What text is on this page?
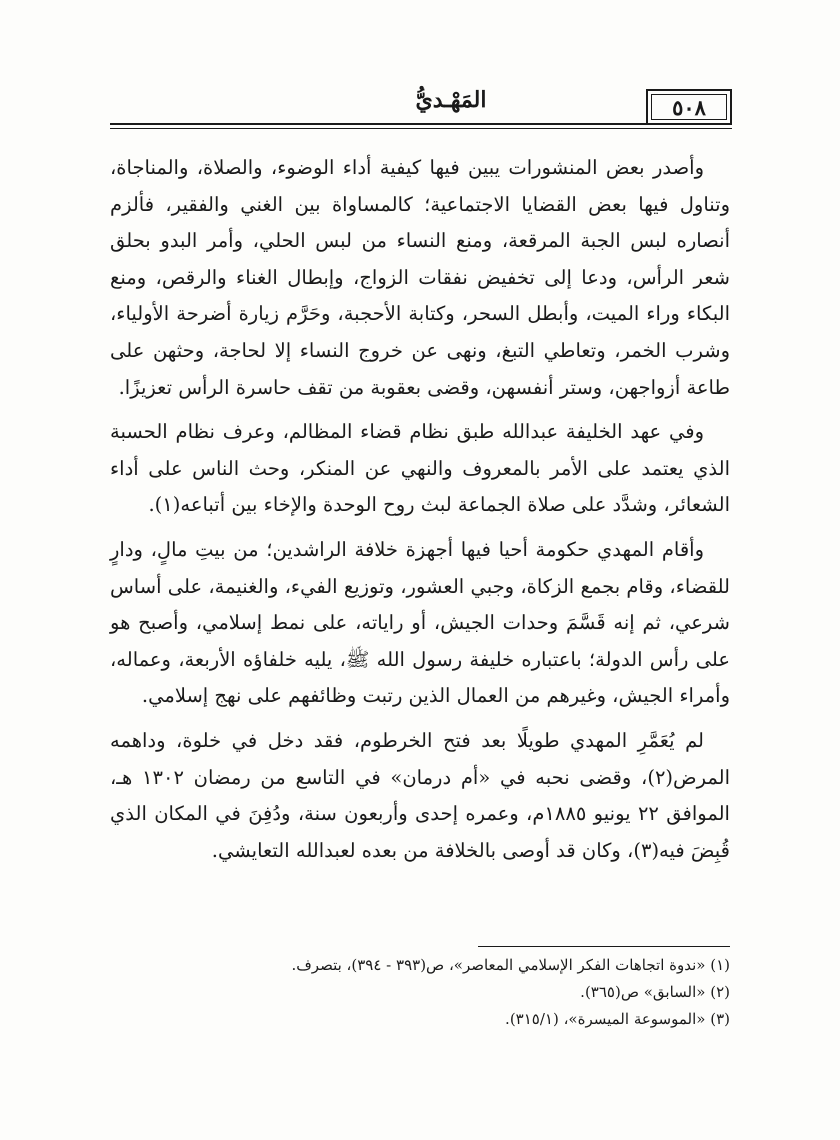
٥٠٨
المَهْـديُّ

وأصدر بعض المنشورات يبين فيها كيفية أداء الوضوء، والصلاة، والمناجاة، وتناول فيها بعض القضايا الاجتماعية؛ كالمساواة بين الغني والفقير، فألزم أنصاره لبس الجبة المرقعة، ومنع النساء من لبس الحلي، وأمر البدو بحلق شعر الرأس، ودعا إلى تخفيض نفقات الزواج، وإبطال الغناء والرقص، ومنع البكاء وراء الميت، وأبطل السحر، وكتابة الأحجبة، وحَرَّم زيارة أضرحة الأولياء، وشرب الخمر، وتعاطي التبغ، ونهى عن خروج النساء إلا لحاجة، وحثهن على طاعة أزواجهن، وستر أنفسهن، وقضى بعقوبة من تقف حاسرة الرأس تعزيزًا.

وفي عهد الخليفة عبدالله طبق نظام قضاء المظالم، وعرف نظام الحسبة الذي يعتمد على الأمر بالمعروف والنهي عن المنكر، وحث الناس على أداء الشعائر، وشدَّد على صلاة الجماعة لبث روح الوحدة والإخاء بين أتباعه(١).

وأقام المهدي حكومة أحيا فيها أجهزة خلافة الراشدين؛ من بيتِ مالٍ، ودارٍ للقضاء، وقام بجمع الزكاة، وجبي العشور، وتوزيع الفيء، والغنيمة، على أساس شرعي، ثم إنه قَسَّمَ وحدات الجيش، أو راياته، على نمط إسلامي، وأصبح هو على رأس الدولة؛ باعتباره خليفة رسول الله ﷺ، يليه خلفاؤه الأربعة، وعماله، وأمراء الجيش، وغيرهم من العمال الذين رتبت وظائفهم على نهج إسلامي.

لم يُعَمَّرِ المهدي طويلًا بعد فتح الخرطوم، فقد دخل في خلوة، وداهمه المرض(٢)، وقضى نحبه في «أم درمان» في التاسع من رمضان ١٣٠٢ هـ، الموافق ٢٢ يونيو ١٨٨٥م، وعمره إحدى وأربعون سنة، ودُفِنَ في المكان الذي قُبِضَ فيه(٣)، وكان قد أوصى بالخلافة من بعده لعبدالله التعايشي.

(١) «ندوة اتجاهات الفكر الإسلامي المعاصر»، ص(٣٩٣ - ٣٩٤)، بتصرف.
(٢) «السابق» ص(٣٦٥).
(٣) «الموسوعة الميسرة»، (٣١٥/١).
